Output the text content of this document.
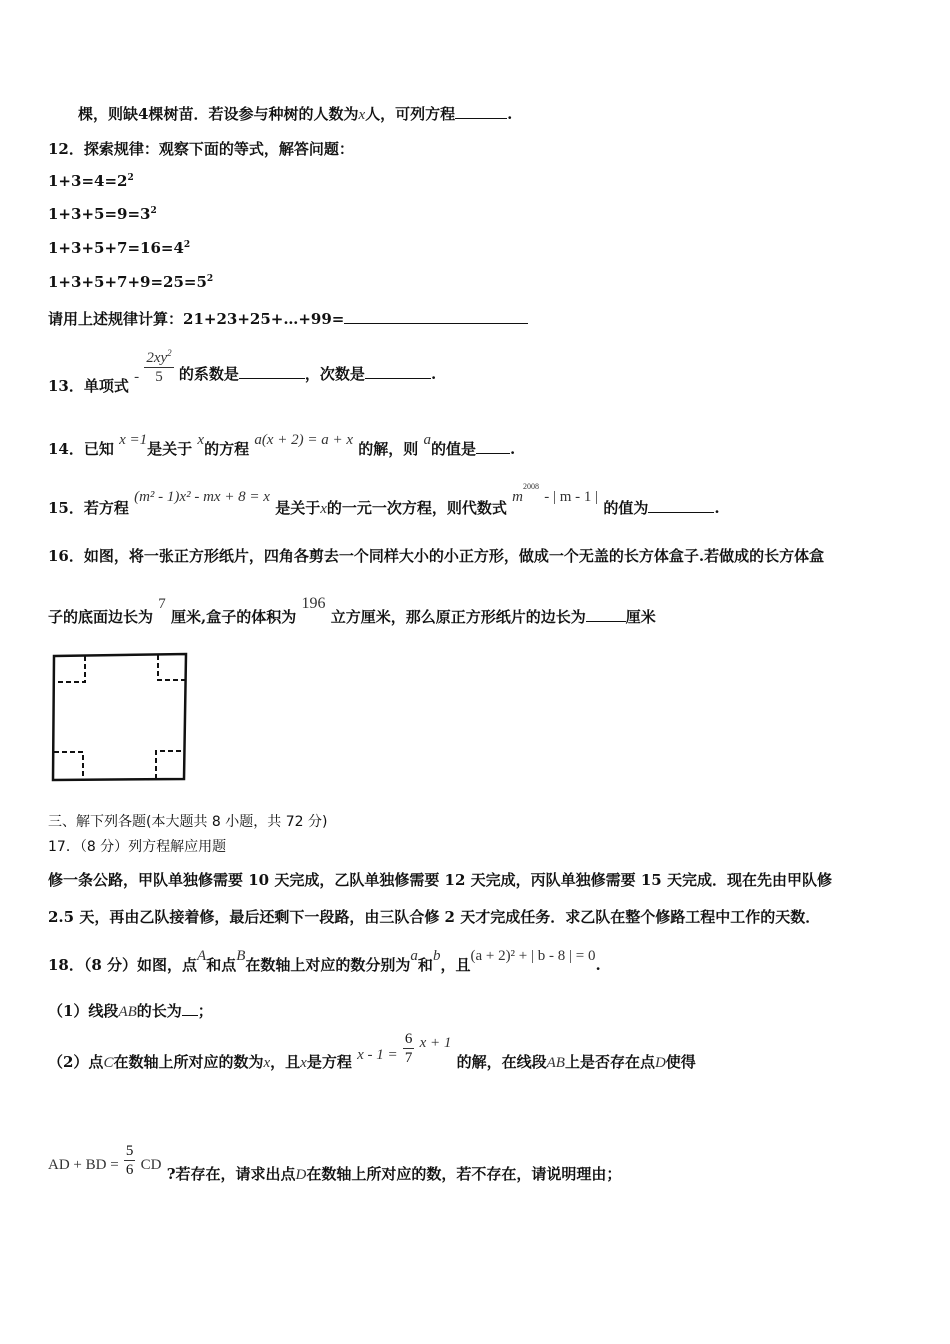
棵，则缺4棵树苗．若设参与种树的人数为x人，可列方程	.
12．探索规律：观察下面的等式，解答问题：
$1+3=4=2^2$
$1+3+5=9=3^2$
$1+3+5+7=16=4^2$
$1+3+5+7+9=25=5^2$
请用上述规律计算：21+23+25+…+99=
13．单项式 - $\frac{2xy^2}{5}$ 的系数是	，次数是	.
14．已知 x =1是关于 x的方程 a(x + 2) = a + x 的解，则 a的值是 .
15．若方程 (m² - 1)x² - mx + 8 = x 是关于x的一元一次方程，则代数式 $m^{2008}$ - | m - 1 | 的值为	.
16．如图，将一张正方形纸片，四角各剪去一个同样大小的小正方形，做成一个无盖的长方体盒子.若做成的长方体盒
子的底面边长为 7 厘米,盒子的体积为 196 立方厘米，那么原正方形纸片的边长为	厘米
三、解下列各题(本大题共 8 小题，共 72 分)
17．（8 分）列方程解应用题
修一条公路，甲队单独修需要 10 天完成，乙队单独修需要 12 天完成，丙队单独修需要 15 天完成．现在先由甲队修
2.5 天，再由乙队接着修，最后还剩下一段路，由三队合修 2 天才完成任务．求乙队在整个修路工程中工作的天数．
18．（8 分）如图，点A和点B在数轴上对应的数分别为a和b，且(a + 2)² + | b - 8 | = 0.
（1）线段AB的长为 ；
（2）点C在数轴上所对应的数为x，且x是方程 $x - 1 = \frac{6}{7}$ x + 1 的解，在线段AB上是否存在点D使得
AD + BD = $\frac{5}{6}$ CD ?若存在，请求出点D在数轴上所对应的数，若不存在，请说明理由；
